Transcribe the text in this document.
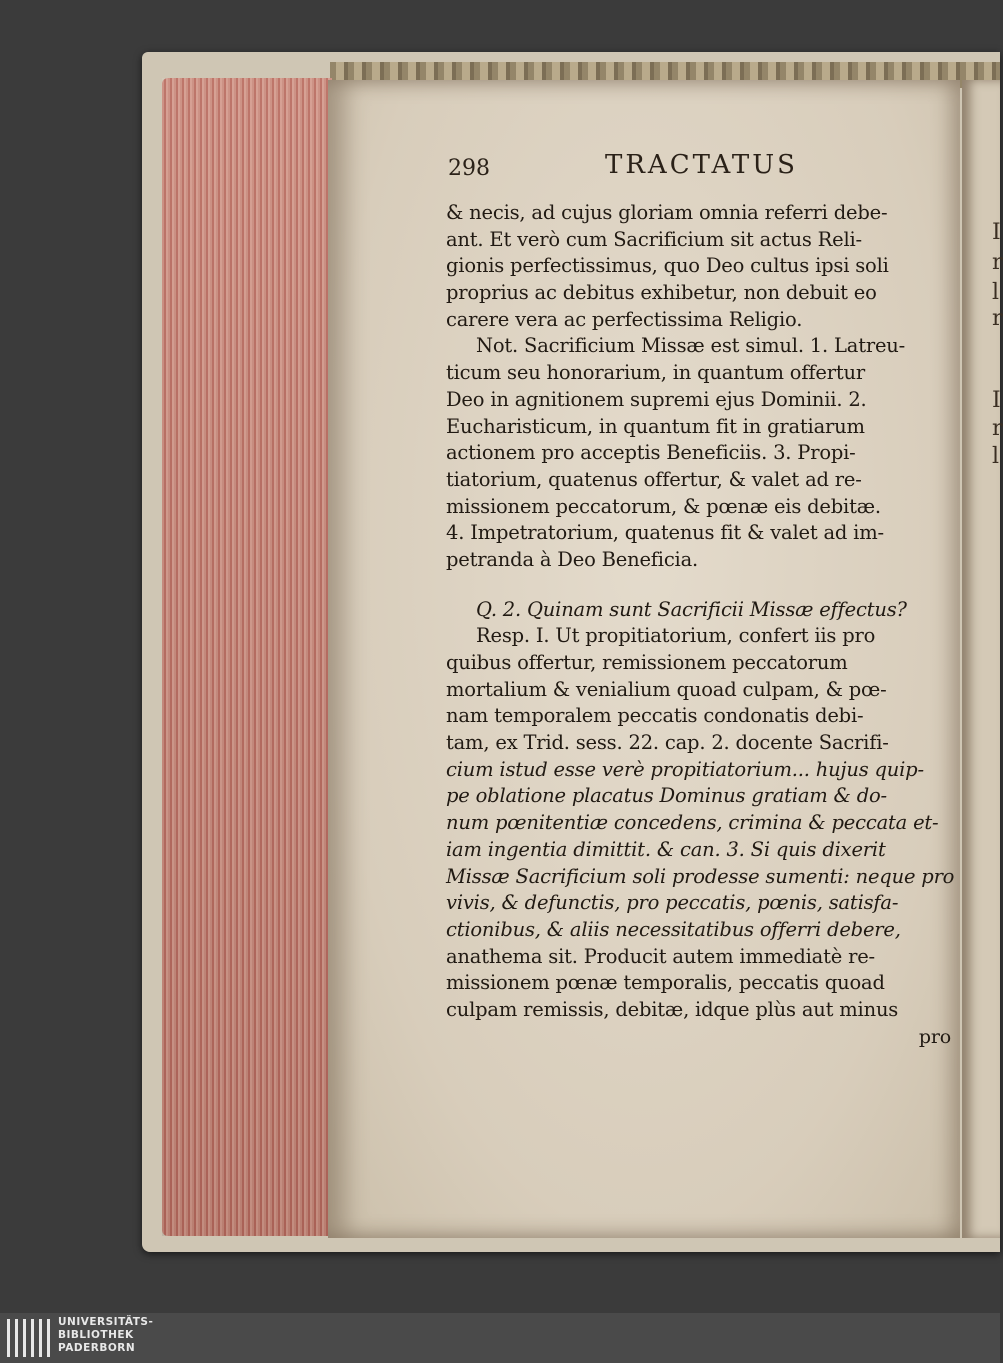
I
r
l
r
I
r
l
298	TRACTATUS
& necis, ad cujus gloriam omnia referri debe-
ant. Et verò cum Sacrificium sit actus Reli-
gionis perfectissimus, quo Deo cultus ipsi soli
proprius ac debitus exhibetur, non debuit eo
carere vera ac perfectissima Religio.
Not. Sacrificium Missæ est simul. 1. Latreu-
ticum seu honorarium, in quantum offertur
Deo in agnitionem supremi ejus Dominii. 2.
Eucharisticum, in quantum fit in gratiarum
actionem pro acceptis Beneficiis. 3. Propi-
tiatorium, quatenus offertur, & valet ad re-
missionem peccatorum, & pœnæ eis debitæ.
4. Impetratorium, quatenus fit & valet ad im-
petranda à Deo Beneficia.
Q. 2. Quinam sunt Sacrificii Missæ effectus?
Resp. I. Ut propitiatorium, confert iis pro
quibus offertur, remissionem peccatorum
mortalium & venialium quoad culpam, & pœ-
nam temporalem peccatis condonatis debi-
tam, ex Trid. sess. 22. cap. 2. docente Sacrifi-
cium istud esse verè propitiatorium... hujus quip-
pe oblatione placatus Dominus gratiam & do-
num pœnitentiæ concedens, crimina & peccata et-
iam ingentia dimittit. & can. 3. Si quis dixerit
Missæ Sacrificium soli prodesse sumenti: neque pro
vivis, & defunctis, pro peccatis, pœnis, satisfa-
ctionibus, & aliis necessitatibus offerri debere,
anathema sit. Producit autem immediatè re-
missionem pœnæ temporalis, peccatis quoad
culpam remissis, debitæ, idque plùs aut minus
pro
UNIVERSITÄTS-
BIBLIOTHEK
PADERBORN
